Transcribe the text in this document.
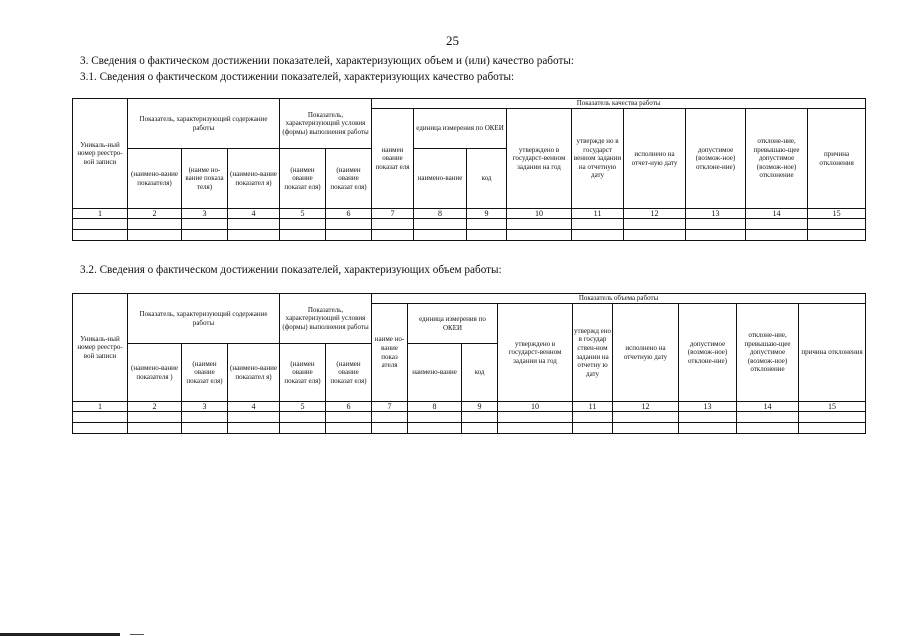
25
3. Сведения о фактическом достижении показателей, характеризующих объем и (или) качество работы:
3.1. Сведения о фактическом достижении показателей, характеризующих качество работы:
Уникаль-ный номер реестро-вой записи	Показатель, характеризующий содержание работы			Показатель, характеризующий условия (формы) выполнения работы		Показатель качества работы								
						наимен ование показат еля	единица измерения по ОКЕИ		утверждено в государст-венном задании на год	утвержде но в государст венном задании на отчетную дату	исполнено на отчет-ную дату	допустимое (возмож-ное) отклоне-ние)	отклоне-ние, превышаю-щее допустимое (возмож-ное) отклонение	причина отклонения
	(наимено-вание показателя)	(наиме но-вание показа теля)	(наимено-вание показател я)	(наимен ование показат еля)	(наимен ование показат еля)		наимено-вание	код						
1	2	3	4	5	6	7	8	9	10	11	12	13	14	15

3.2. Сведения о фактическом достижении показателей, характеризующих объем работы:
Уникаль-ный номер реестро-вой записи	Показатель, характеризующий содержание работы			Показатель, характеризующий условия (формы) выполнения работы		Показатель объема работы								
						наиме но-вание показ ателя	единица измерения по ОКЕИ		утверждено в государст-венном задании на год	утвержд ено в государ ствен-ном задании на отчетну ю дату	исполнено на отчетную дату	допустимое (возмож-ное) отклоне-ние)	отклоне-ние, превышаю-щее допустимое (возмож-ное) отклонение	причина отклонения
	(наимено-вание показателя )	(наимен ование показат еля)	(наимено-вание показател я)	(наимен ование показат еля)	(наимен ование показат еля)		наимено-вание	код						
1	2	3	4	5	6	7	8	9	10	11	12	13	14	15
